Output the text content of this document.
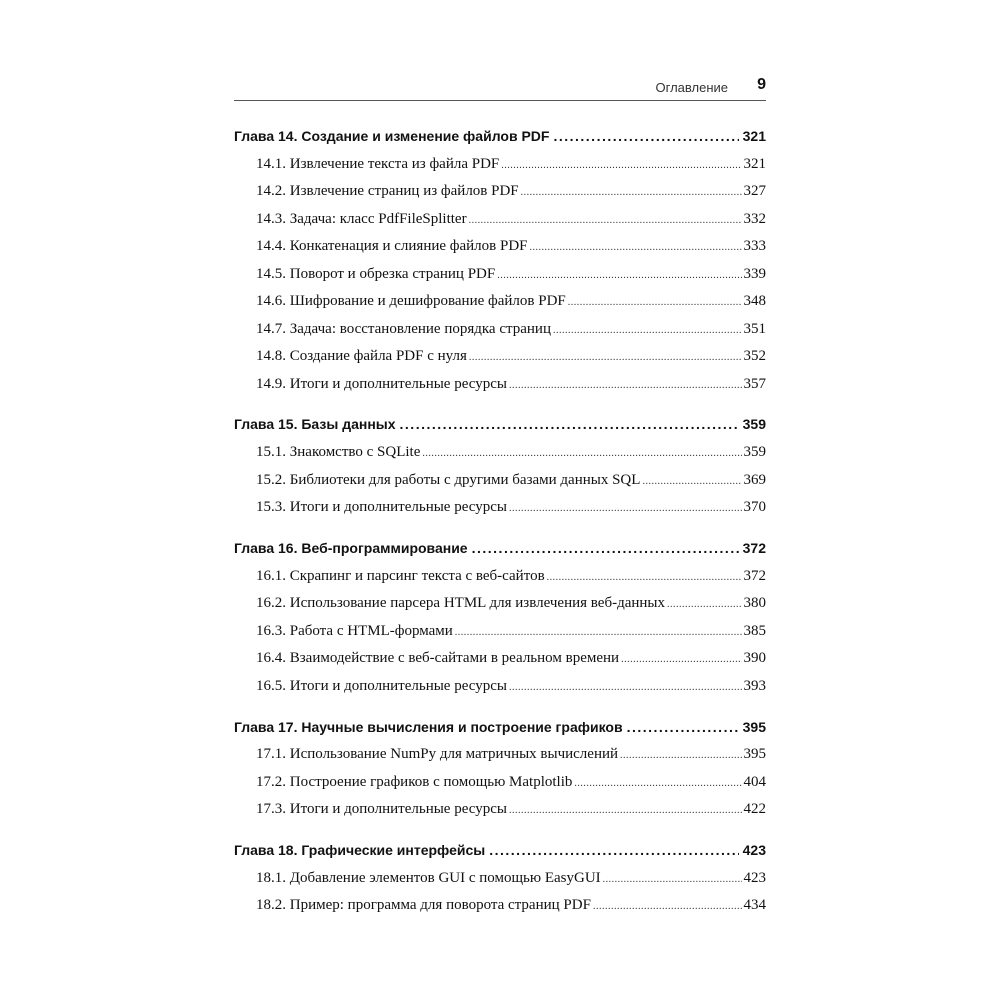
Оглавление 9
Глава 14. Создание и изменение файлов PDF .....	321
14.1. Извлечение текста из файла PDF .....	321
14.2. Извлечение страниц из файлов PDF .....	327
14.3. Задача: класс PdfFileSplitter .....	332
14.4. Конкатенация и слияние файлов PDF .....	333
14.5. Поворот и обрезка страниц PDF .....	339
14.6. Шифрование и дешифрование файлов PDF .....	348
14.7. Задача: восстановление порядка страниц .....	351
14.8. Создание файла PDF с нуля .....	352
14.9. Итоги и дополнительные ресурсы .....	357
Глава 15. Базы данных .....	359
15.1. Знакомство с SQLite .....	359
15.2. Библиотеки для работы с другими базами данных SQL .....	369
15.3. Итоги и дополнительные ресурсы .....	370
Глава 16. Веб-программирование .....	372
16.1. Скрапинг и парсинг текста с веб-сайтов .....	372
16.2. Использование парсера HTML для извлечения веб-данных .....	380
16.3. Работа с HTML-формами .....	385
16.4. Взаимодействие с веб-сайтами в реальном времени .....	390
16.5. Итоги и дополнительные ресурсы .....	393
Глава 17. Научные вычисления и построение графиков .....	395
17.1. Использование NumPy для матричных вычислений .....	395
17.2. Построение графиков с помощью Matplotlib .....	404
17.3. Итоги и дополнительные ресурсы .....	422
Глава 18. Графические интерфейсы .....	423
18.1. Добавление элементов GUI с помощью EasyGUI .....	423
18.2. Пример: программа для поворота страниц PDF .....	434
